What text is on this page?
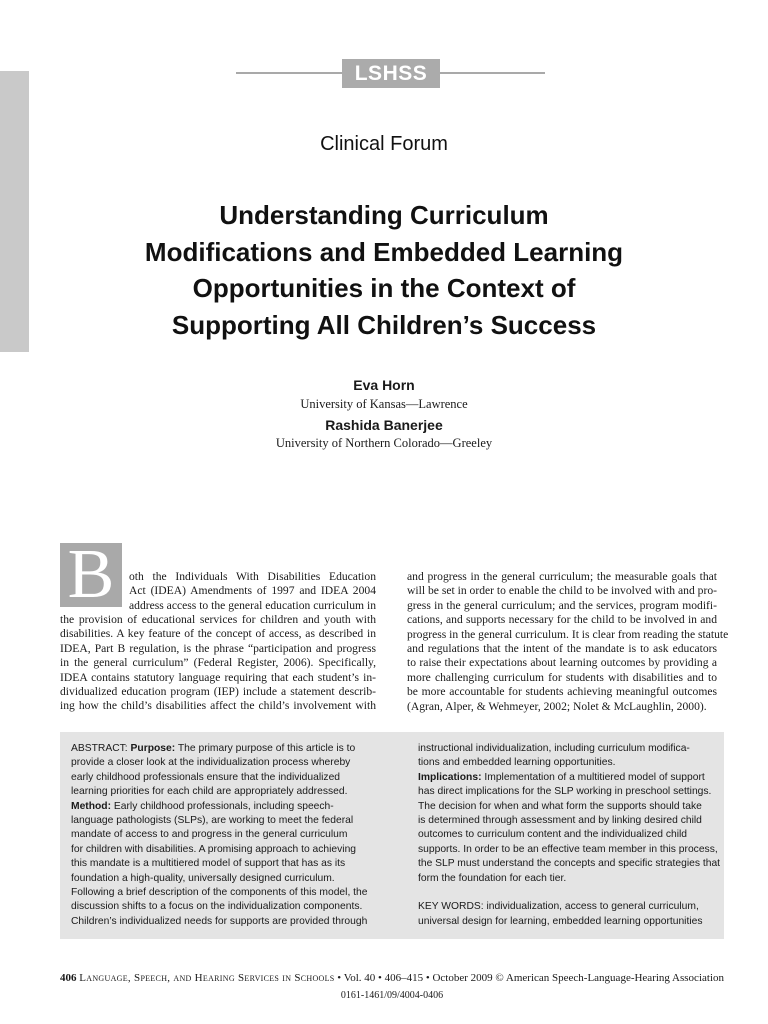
LSHSS
Clinical Forum
Understanding Curriculum
Modifications and Embedded Learning
Opportunities in the Context of
Supporting All Children’s Success
Eva Horn
University of Kansas—Lawrence
Rashida Banerjee
University of Northern Colorado—Greeley
B	oth the Individuals With Disabilities Education
Act (IDEA) Amendments of 1997 and IDEA 2004
address access to the general education curriculum in
the provision of educational services for children and youth with
disabilities. A key feature of the concept of access, as described in
IDEA, Part B regulation, is the phrase “participation and progress
in the general curriculum” (Federal Register, 2006). Specifically,
IDEA contains statutory language requiring that each student’s in-
dividualized education program (IEP) include a statement describ-
ing how the child’s disabilities affect the child’s involvement with
and progress in the general curriculum; the measurable goals that
will be set in order to enable the child to be involved with and pro-
gress in the general curriculum; and the services, program modifi-
cations, and supports necessary for the child to be involved in and
progress in the general curriculum. It is clear from reading the statute
and regulations that the intent of the mandate is to ask educators
to raise their expectations about learning outcomes by providing a
more challenging curriculum for students with disabilities and to
be more accountable for students achieving meaningful outcomes
(Agran, Alper, & Wehmeyer, 2002; Nolet & McLaughlin, 2000).
ABSTRACT: Purpose: The primary purpose of this article is to
provide a closer look at the individualization process whereby
early childhood professionals ensure that the individualized
learning priorities for each child are appropriately addressed.
Method: Early childhood professionals, including speech-
language pathologists (SLPs), are working to meet the federal
mandate of access to and progress in the general curriculum
for children with disabilities. A promising approach to achieving
this mandate is a multitiered model of support that has as its
foundation a high-quality, universally designed curriculum.
Following a brief description of the components of this model, the
discussion shifts to a focus on the individualization components.
Children’s individualized needs for supports are provided through
instructional individualization, including curriculum modifica-
tions and embedded learning opportunities.
Implications: Implementation of a multitiered model of support
has direct implications for the SLP working in preschool settings.
The decision for when and what form the supports should take
is determined through assessment and by linking desired child
outcomes to curriculum content and the individualized child
supports. In order to be an effective team member in this process,
the SLP must understand the concepts and specific strategies that
form the foundation for each tier.
KEY WORDS: individualization, access to general curriculum,
universal design for learning, embedded learning opportunities
406 Language, Speech, and Hearing Services in Schools • Vol. 40 • 406–415 • October 2009 © American Speech-Language-Hearing Association
0161-1461/09/4004-0406
